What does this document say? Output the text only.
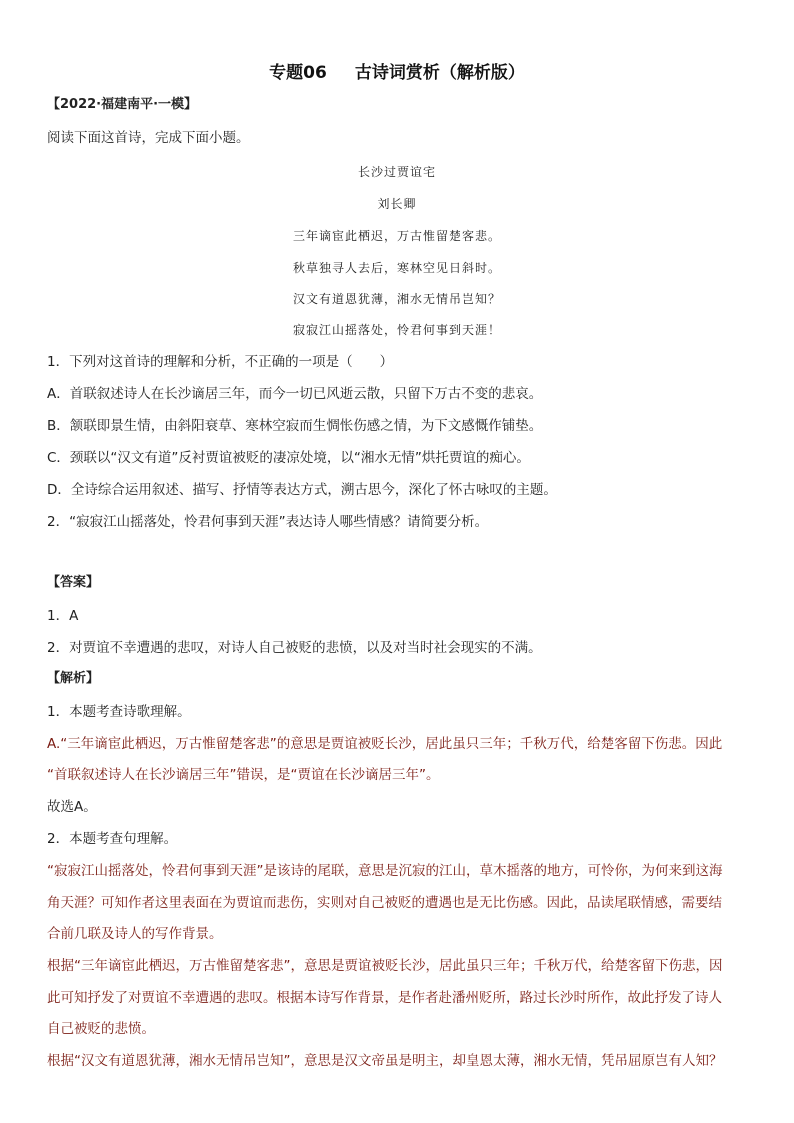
专题06 古诗词赏析（解析版）
【2022·福建南平·一模】
阅读下面这首诗，完成下面小题。
长沙过贾谊宅
刘长卿
三年谪宦此栖迟，万古惟留楚客悲。
秋草独寻人去后，寒林空见日斜时。
汉文有道恩犹薄，湘水无情吊岂知？
寂寂江山摇落处，怜君何事到天涯！
1．下列对这首诗的理解和分析，不正确的一项是（　　）
A．首联叙述诗人在长沙谪居三年，而今一切已风逝云散，只留下万古不变的悲哀。
B．颔联即景生情，由斜阳衰草、寒林空寂而生惆怅伤感之情，为下文感慨作铺垫。
C．颈联以“汉文有道”反衬贾谊被贬的凄凉处境，以“湘水无情”烘托贾谊的痴心。
D．全诗综合运用叙述、描写、抒情等表达方式，溯古思今，深化了怀古咏叹的主题。
2．“寂寂江山摇落处，怜君何事到天涯”表达诗人哪些情感？请简要分析。
【答案】
1．A
2．对贾谊不幸遭遇的悲叹，对诗人自己被贬的悲愤，以及对当时社会现实的不满。
【解析】
1．本题考查诗歌理解。
A.“三年谪宦此栖迟，万古惟留楚客悲”的意思是贾谊被贬长沙，居此虽只三年；千秋万代，给楚客留下伤悲。因此
“首联叙述诗人在长沙谪居三年”错误，是“贾谊在长沙谪居三年”。
故选A。
2．本题考查句理解。
“寂寂江山摇落处，怜君何事到天涯”是该诗的尾联，意思是沉寂的江山，草木摇落的地方，可怜你，为何来到这海
角天涯？可知作者这里表面在为贾谊而悲伤，实则对自己被贬的遭遇也是无比伤感。因此，品读尾联情感，需要结
合前几联及诗人的写作背景。
根据“三年谪宦此栖迟，万古惟留楚客悲”，意思是贾谊被贬长沙，居此虽只三年；千秋万代，给楚客留下伤悲，因
此可知抒发了对贾谊不幸遭遇的悲叹。根据本诗写作背景，是作者赴潘州贬所，路过长沙时所作，故此抒发了诗人
自己被贬的悲愤。
根据“汉文有道恩犹薄，湘水无情吊岂知”，意思是汉文帝虽是明主，却皇恩太薄，湘水无情，凭吊屈原岂有人知？
